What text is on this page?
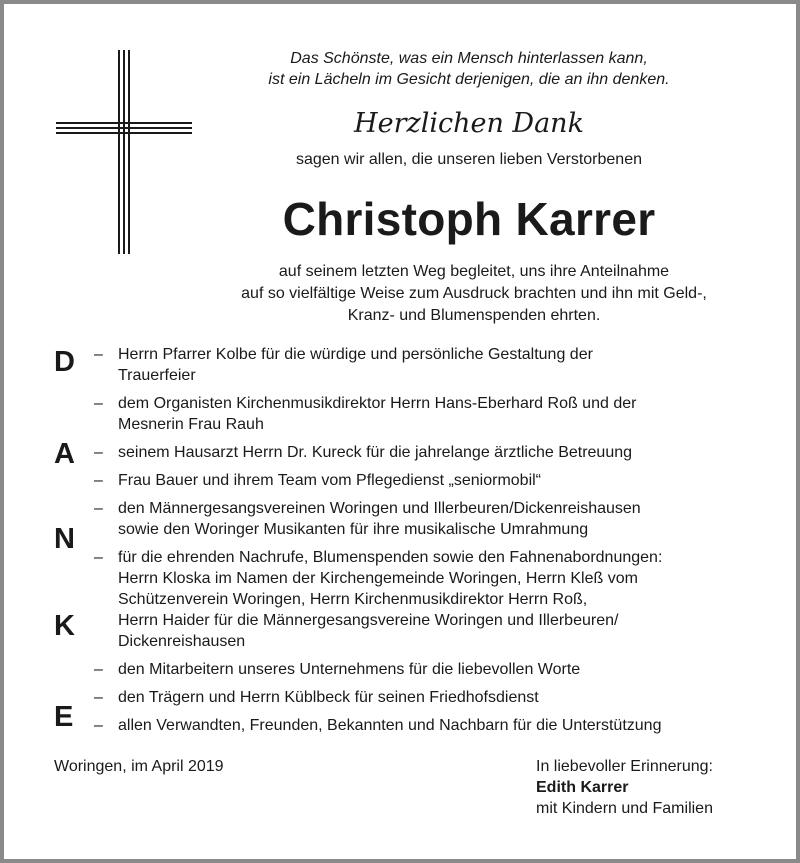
Das Schönste, was ein Mensch hinterlassen kann,
ist ein Lächeln im Gesicht derjenigen, die an ihn denken.
Herzlichen Dank
sagen wir allen, die unseren lieben Verstorbenen
Christoph Karrer
auf seinem letzten Weg begleitet, uns ihre Anteilnahme
auf so vielfältige Weise zum Ausdruck brachten und ihn mit Geld-,
Kranz- und Blumenspenden ehrten.
D
A
N
K
E
– Herrn Pfarrer Kolbe für die würdige und persönliche Gestaltung der
Trauerfeier
– dem Organisten Kirchenmusikdirektor Herrn Hans-Eberhard Roß und der
Mesnerin Frau Rauh
– seinem Hausarzt Herrn Dr. Kureck für die jahrelange ärztliche Betreuung
– Frau Bauer und ihrem Team vom Pflegedienst „seniormobil“
– den Männergesangsvereinen Woringen und Illerbeuren/Dickenreishausen
sowie den Woringer Musikanten für ihre musikalische Umrahmung
– für die ehrenden Nachrufe, Blumenspenden sowie den Fahnenabordnungen:
Herrn Kloska im Namen der Kirchengemeinde Woringen, Herrn Kleß vom
Schützenverein Woringen, Herrn Kirchenmusikdirektor Herrn Roß,
Herrn Haider für die Männergesangsvereine Woringen und Illerbeuren/
Dickenreishausen
– den Mitarbeitern unseres Unternehmens für die liebevollen Worte
– den Trägern und Herrn Küblbeck für seinen Friedhofsdienst
– allen Verwandten, Freunden, Bekannten und Nachbarn für die Unterstützung
Woringen, im April 2019	In liebevoller Erinnerung:
Edith Karrer
mit Kindern und Familien
